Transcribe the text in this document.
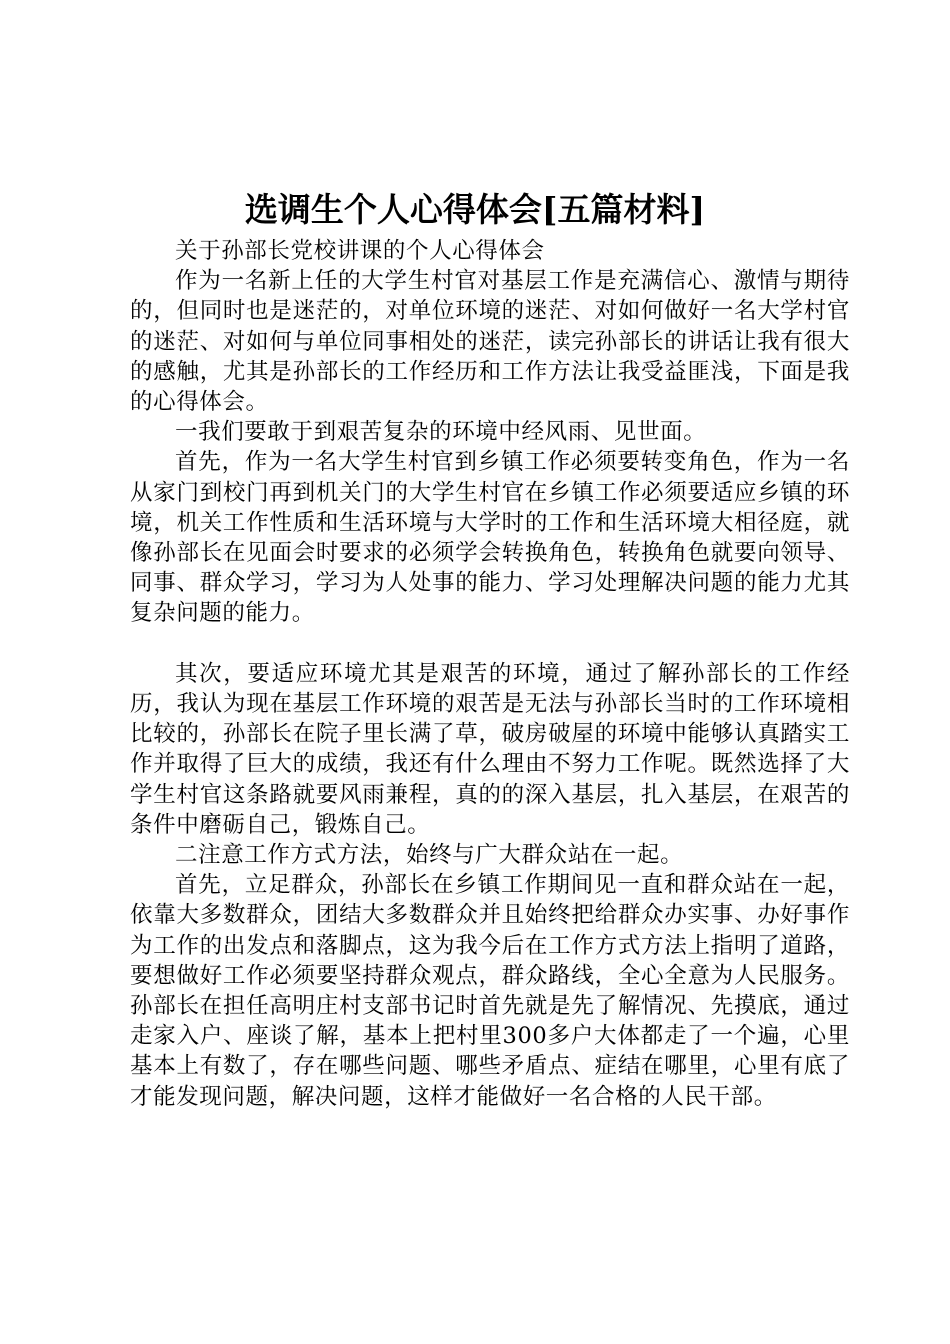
选调生个人心得体会[五篇材料]

关于孙部长党校讲课的个人心得体会

作为一名新上任的大学生村官对基层工作是充满信心、激情与期待的，但同时也是迷茫的，对单位环境的迷茫、对如何做好一名大学村官的迷茫、对如何与单位同事相处的迷茫，读完孙部长的讲话让我有很大的感触，尤其是孙部长的工作经历和工作方法让我受益匪浅，下面是我的心得体会。

一我们要敢于到艰苦复杂的环境中经风雨、见世面。

首先，作为一名大学生村官到乡镇工作必须要转变角色，作为一名从家门到校门再到机关门的大学生村官在乡镇工作必须要适应乡镇的环境，机关工作性质和生活环境与大学时的工作和生活环境大相径庭，就像孙部长在见面会时要求的必须学会转换角色，转换角色就要向领导、同事、群众学习，学习为人处事的能力、学习处理解决问题的能力尤其复杂问题的能力。

其次，要适应环境尤其是艰苦的环境，通过了解孙部长的工作经历，我认为现在基层工作环境的艰苦是无法与孙部长当时的工作环境相比较的，孙部长在院子里长满了草，破房破屋的环境中能够认真踏实工作并取得了巨大的成绩，我还有什么理由不努力工作呢。既然选择了大学生村官这条路就要风雨兼程，真的的深入基层，扎入基层，在艰苦的条件中磨砺自己，锻炼自己。

二注意工作方式方法，始终与广大群众站在一起。

首先，立足群众，孙部长在乡镇工作期间见一直和群众站在一起，依靠大多数群众，团结大多数群众并且始终把给群众办实事、办好事作为工作的出发点和落脚点，这为我今后在工作方式方法上指明了道路，要想做好工作必须要坚持群众观点，群众路线，全心全意为人民服务。孙部长在担任高明庄村支部书记时首先就是先了解情况、先摸底，通过走家入户、座谈了解，基本上把村里300多户大体都走了一个遍，心里基本上有数了，存在哪些问题、哪些矛盾点、症结在哪里，心里有底了才能发现问题，解决问题，这样才能做好一名合格的人民干部。
